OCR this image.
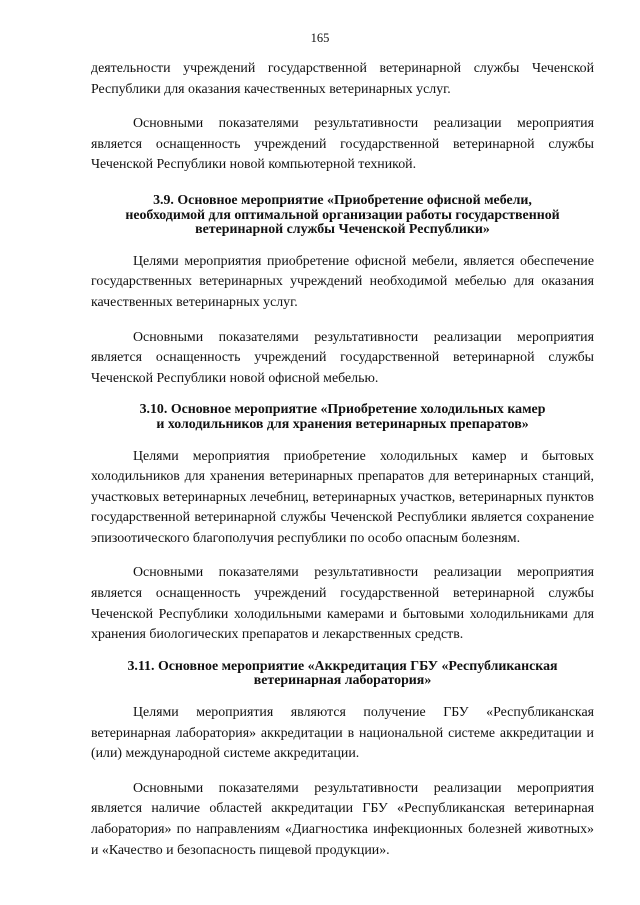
165

деятельности учреждений государственной ветеринарной службы Чеченской Республики для оказания качественных ветеринарных услуг.

Основными показателями результативности реализации мероприятия является оснащенность учреждений государственной ветеринарной службы Чеченской Республики новой компьютерной техникой.

3.9. Основное мероприятие «Приобретение офисной мебели,
необходимой для оптимальной организации работы государственной
ветеринарной службы Чеченской Республики»

Целями мероприятия приобретение офисной мебели, является обеспечение государственных ветеринарных учреждений необходимой мебелью для оказания качественных ветеринарных услуг.

Основными показателями результативности реализации мероприятия является оснащенность учреждений государственной ветеринарной службы Чеченской Республики новой офисной мебелью.

3.10. Основное мероприятие «Приобретение холодильных камер
и холодильников для хранения ветеринарных препаратов»

Целями мероприятия приобретение холодильных камер и бытовых холодильников для хранения ветеринарных препаратов для ветеринарных станций, участковых ветеринарных лечебниц, ветеринарных участков, ветеринарных пунктов государственной ветеринарной службы Чеченской Республики является сохранение эпизоотического благополучия республики по особо опасным болезням.

Основными показателями результативности реализации мероприятия является оснащенность учреждений государственной ветеринарной службы Чеченской Республики холодильными камерами и бытовыми холодильниками для хранения биологических препаратов и лекарственных средств.

3.11. Основное мероприятие «Аккредитация ГБУ «Республиканская
ветеринарная лаборатория»

Целями мероприятия являются получение ГБУ «Республиканская ветеринарная лаборатория» аккредитации в национальной системе аккредитации и (или) международной системе аккредитации.

Основными показателями результативности реализации мероприятия является наличие областей аккредитации ГБУ «Республиканская ветеринарная лаборатория» по направлениям «Диагностика инфекционных болезней животных» и «Качество и безопасность пищевой продукции».
